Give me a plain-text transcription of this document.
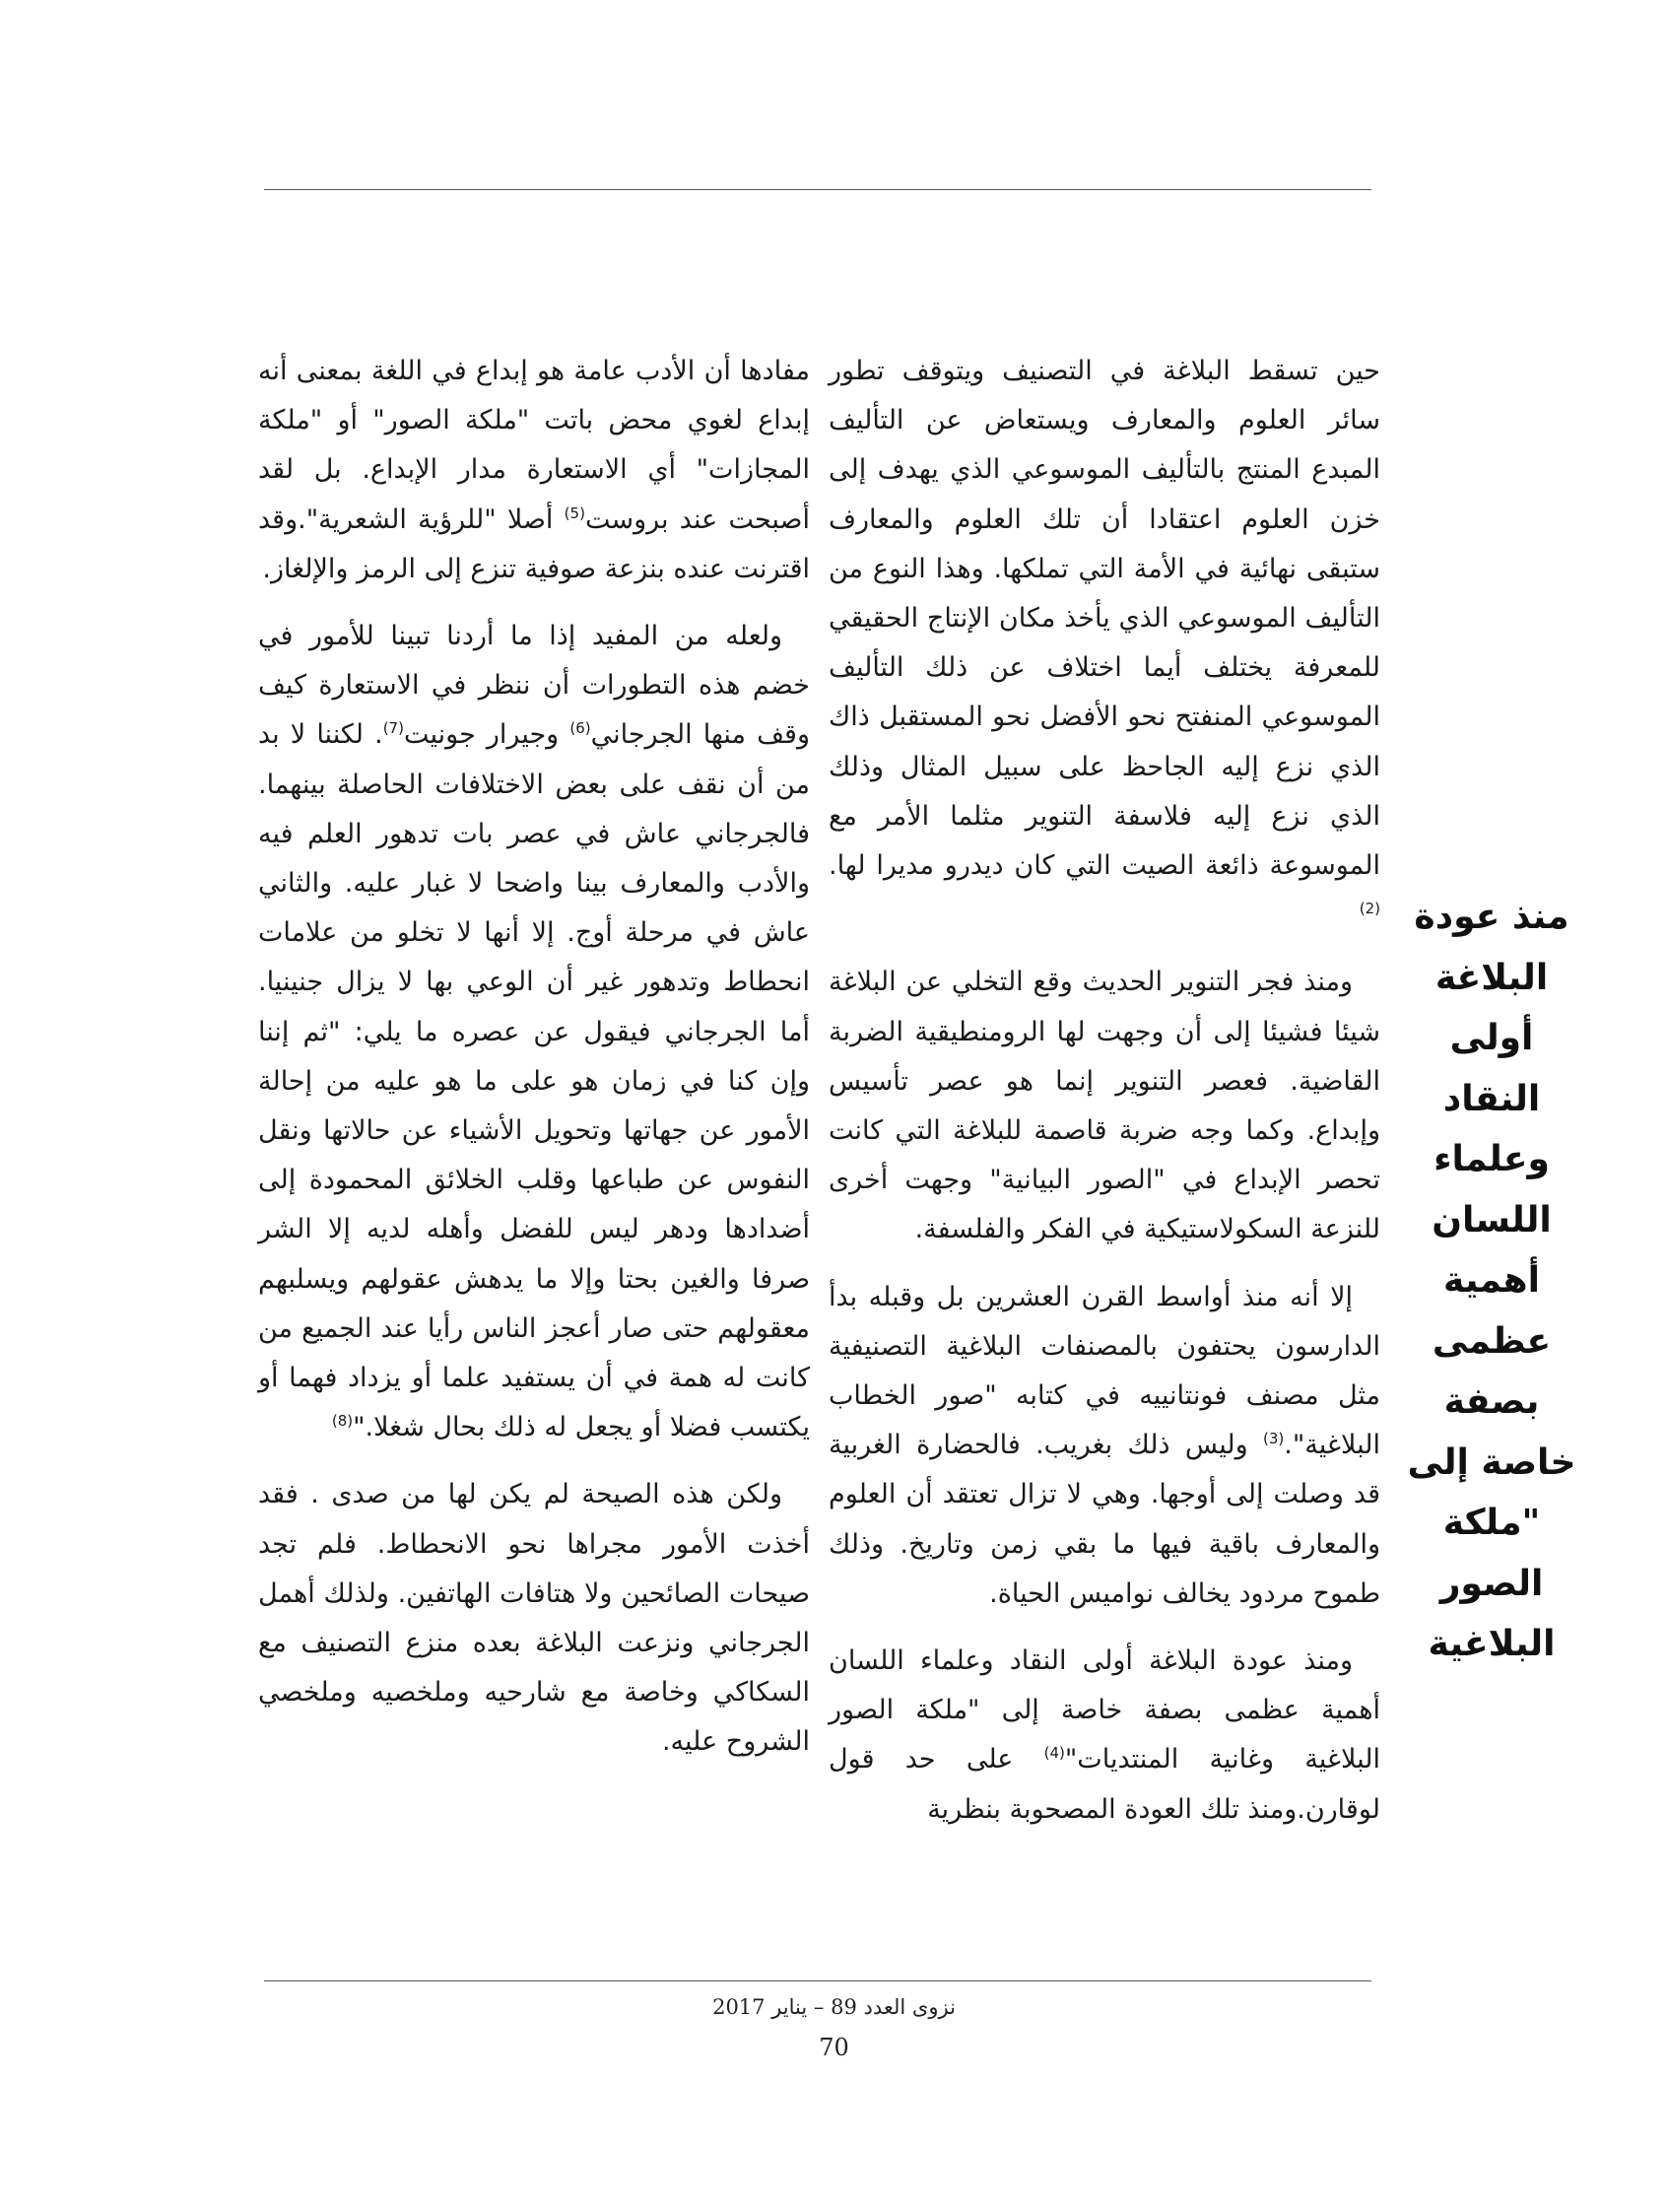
حين تسقط البلاغة في التصنيف ويتوقف تطور سائر العلوم والمعارف ويستعاض عن التأليف المبدع المنتج بالتأليف الموسوعي الذي يهدف إلى خزن العلوم اعتقادا أن تلك العلوم والمعارف ستبقى نهائية في الأمة التي تملكها. وهذا النوع من التأليف الموسوعي الذي يأخذ مكان الإنتاج الحقيقي للمعرفة يختلف أيما اختلاف عن ذلك التأليف الموسوعي المنفتح نحو الأفضل نحو المستقبل ذاك الذي نزع إليه الجاحظ على سبيل المثال وذلك الذي نزع إليه فلاسفة التنوير مثلما الأمر مع الموسوعة ذائعة الصيت التي كان ديدرو مديرا لها.$^{(2)}$

ومنذ فجر التنوير الحديث وقع التخلي عن البلاغة شيئا فشيئا إلى أن وجهت لها الرومنطيقية الضربة القاضية. فعصر التنوير إنما هو عصر تأسيس وإبداع. وكما وجه ضربة قاصمة للبلاغة التي كانت تحصر الإبداع في "الصور البيانية" وجهت أخرى للنزعة السكولاستيكية في الفكر والفلسفة.

إلا أنه منذ أواسط القرن العشرين بل وقبله بدأ الدارسون يحتفون بالمصنفات البلاغية التصنيفية مثل مصنف فونتانييه في كتابه "صور الخطاب البلاغية".$^{(3)}$ وليس ذلك بغريب. فالحضارة الغربية قد وصلت إلى أوجها. وهي لا تزال تعتقد أن العلوم والمعارف باقية فيها ما بقي زمن وتاريخ. وذلك طموح مردود يخالف نواميس الحياة.

ومنذ عودة البلاغة أولى النقاد وعلماء اللسان أهمية عظمى بصفة خاصة إلى "ملكة الصور البلاغية وغانية المنتديات"$^{(4)}$ على حد قول لوقارن.ومنذ تلك العودة المصحوبة بنظرية

مفادها أن الأدب عامة هو إبداع في اللغة بمعنى أنه إبداع لغوي محض باتت "ملكة الصور" أو "ملكة المجازات" أي الاستعارة مدار الإبداع. بل لقد أصبحت عند بروست$^{(5)}$ أصلا "للرؤية الشعرية".وقد اقترنت عنده بنزعة صوفية تنزع إلى الرمز والإلغاز.

ولعله من المفيد إذا ما أردنا تبينا للأمور في خضم هذه التطورات أن ننظر في الاستعارة كيف وقف منها الجرجاني$^{(6)}$ وجيرار جونيت$^{(7)}$. لكننا لا بد من أن نقف على بعض الاختلافات الحاصلة بينهما. فالجرجاني عاش في عصر بات تدهور العلم فيه والأدب والمعارف بينا واضحا لا غبار عليه. والثاني عاش في مرحلة أوج. إلا أنها لا تخلو من علامات انحطاط وتدهور غير أن الوعي بها لا يزال جنينيا. أما الجرجاني فيقول عن عصره ما يلي: "ثم إننا وإن كنا في زمان هو على ما هو عليه من إحالة الأمور عن جهاتها وتحويل الأشياء عن حالاتها ونقل النفوس عن طباعها وقلب الخلائق المحمودة إلى أضدادها ودهر ليس للفضل وأهله لديه إلا الشر صرفا والغين بحتا وإلا ما يدهش عقولهم ويسلبهم معقولهم حتى صار أعجز الناس رأيا عند الجميع من كانت له همة في أن يستفيد علما أو يزداد فهما أو يكتسب فضلا أو يجعل له ذلك بحال شغلا."$^{(8)}$

ولكن هذه الصيحة لم يكن لها من صدى . فقد أخذت الأمور مجراها نحو الانحطاط. فلم تجد صيحات الصائحين ولا هتافات الهاتفين. ولذلك أهمل الجرجاني ونزعت البلاغة بعده منزع التصنيف مع السكاكي وخاصة مع شارحيه وملخصيه وملخصي الشروح عليه.

منذ عودة
البلاغة أولى
النقاد وعلماء
اللسان أهمية
عظمى بصفة
خاصة إلى
"ملكة الصور
البلاغية
نزوى العدد 89 – يناير 2017
70
